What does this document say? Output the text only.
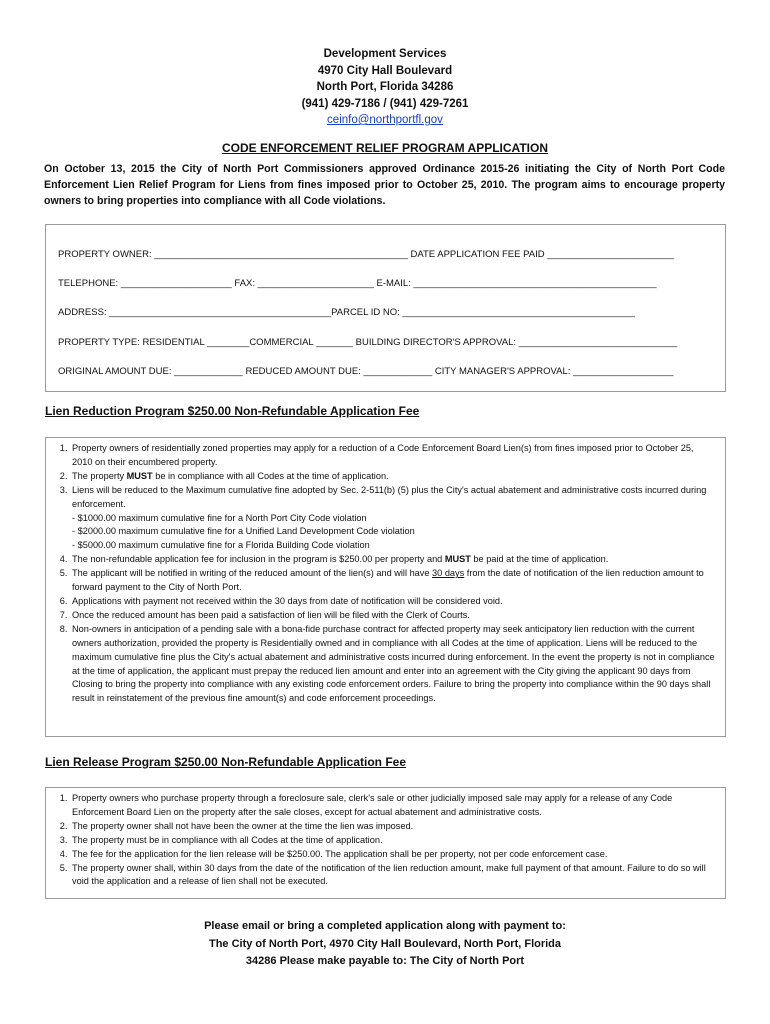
Development Services
4970 City Hall Boulevard
North Port, Florida 34286
(941) 429-7186 / (941) 429-7261
ceinfo@northportfl.gov
CODE ENFORCEMENT RELIEF PROGRAM APPLICATION
On October 13, 2015 the City of North Port Commissioners approved Ordinance 2015-26 initiating the City of North Port Code Enforcement Lien Relief Program for Liens from fines imposed prior to October 25, 2010. The program aims to encourage property owners to bring properties into compliance with all Code violations.
PROPERTY OWNER: ________________________________________________ DATE APPLICATION FEE PAID ________________________
TELEPHONE: _____________________ FAX: ______________________ E-MAIL: ______________________________________________
ADDRESS: __________________________________________PARCEL ID NO: ____________________________________________
PROPERTY TYPE: RESIDENTIAL ________COMMERCIAL _______ BUILDING DIRECTOR'S APPROVAL: ______________________________
ORIGINAL AMOUNT DUE: _____________ REDUCED AMOUNT DUE: _____________ CITY MANAGER'S APPROVAL: ___________________
Lien Reduction Program $250.00 Non-Refundable Application Fee
1. Property owners of residentially zoned properties may apply for a reduction of a Code Enforcement Board Lien(s) from fines imposed prior to October 25, 2010 on their encumbered property.
2. The property MUST be in compliance with all Codes at the time of application.
3. Liens will be reduced to the Maximum cumulative fine adopted by Sec. 2-511(b) (5) plus the City's actual abatement and administrative costs incurred during enforcement.
- $1000.00 maximum cumulative fine for a North Port City Code violation
- $2000.00 maximum cumulative fine for a Unified Land Development Code violation
- $5000.00 maximum cumulative fine for a Florida Building Code violation
4. The non-refundable application fee for inclusion in the program is $250.00 per property and MUST be paid at the time of application.
5. The applicant will be notified in writing of the reduced amount of the lien(s) and will have 30 days from the date of notification of the lien reduction amount to forward payment to the City of North Port.
6. Applications with payment not received within the 30 days from date of notification will be considered void.
7. Once the reduced amount has been paid a satisfaction of lien will be filed with the Clerk of Courts.
8. Non-owners in anticipation of a pending sale with a bona-fide purchase contract for affected property may seek anticipatory lien reduction with the current owners authorization, provided the property is Residentially owned and in compliance with all Codes at the time of application. Liens will be reduced to the maximum cumulative fine plus the City's actual abatement and administrative costs incurred during enforcement. In the event the property is not in compliance at the time of application, the applicant must prepay the reduced lien amount and enter into an agreement with the City giving the applicant 90 days from Closing to bring the property into compliance with any existing code enforcement orders. Failure to bring the property into compliance within the 90 days shall result in reinstatement of the previous fine amount(s) and code enforcement proceedings.
Lien Release Program $250.00 Non-Refundable Application Fee
1. Property owners who purchase property through a foreclosure sale, clerk's sale or other judicially imposed sale may apply for a release of any Code Enforcement Board Lien on the property after the sale closes, except for actual abatement and administrative costs.
2. The property owner shall not have been the owner at the time the lien was imposed.
3. The property must be in compliance with all Codes at the time of application.
4. The fee for the application for the lien release will be $250.00. The application shall be per property, not per code enforcement case.
5. The property owner shall, within 30 days from the date of the notification of the lien reduction amount, make full payment of that amount. Failure to do so will void the application and a release of lien shall not be executed.
Please email or bring a completed application along with payment to:
The City of North Port, 4970 City Hall Boulevard, North Port, Florida
34286 Please make payable to: The City of North Port
